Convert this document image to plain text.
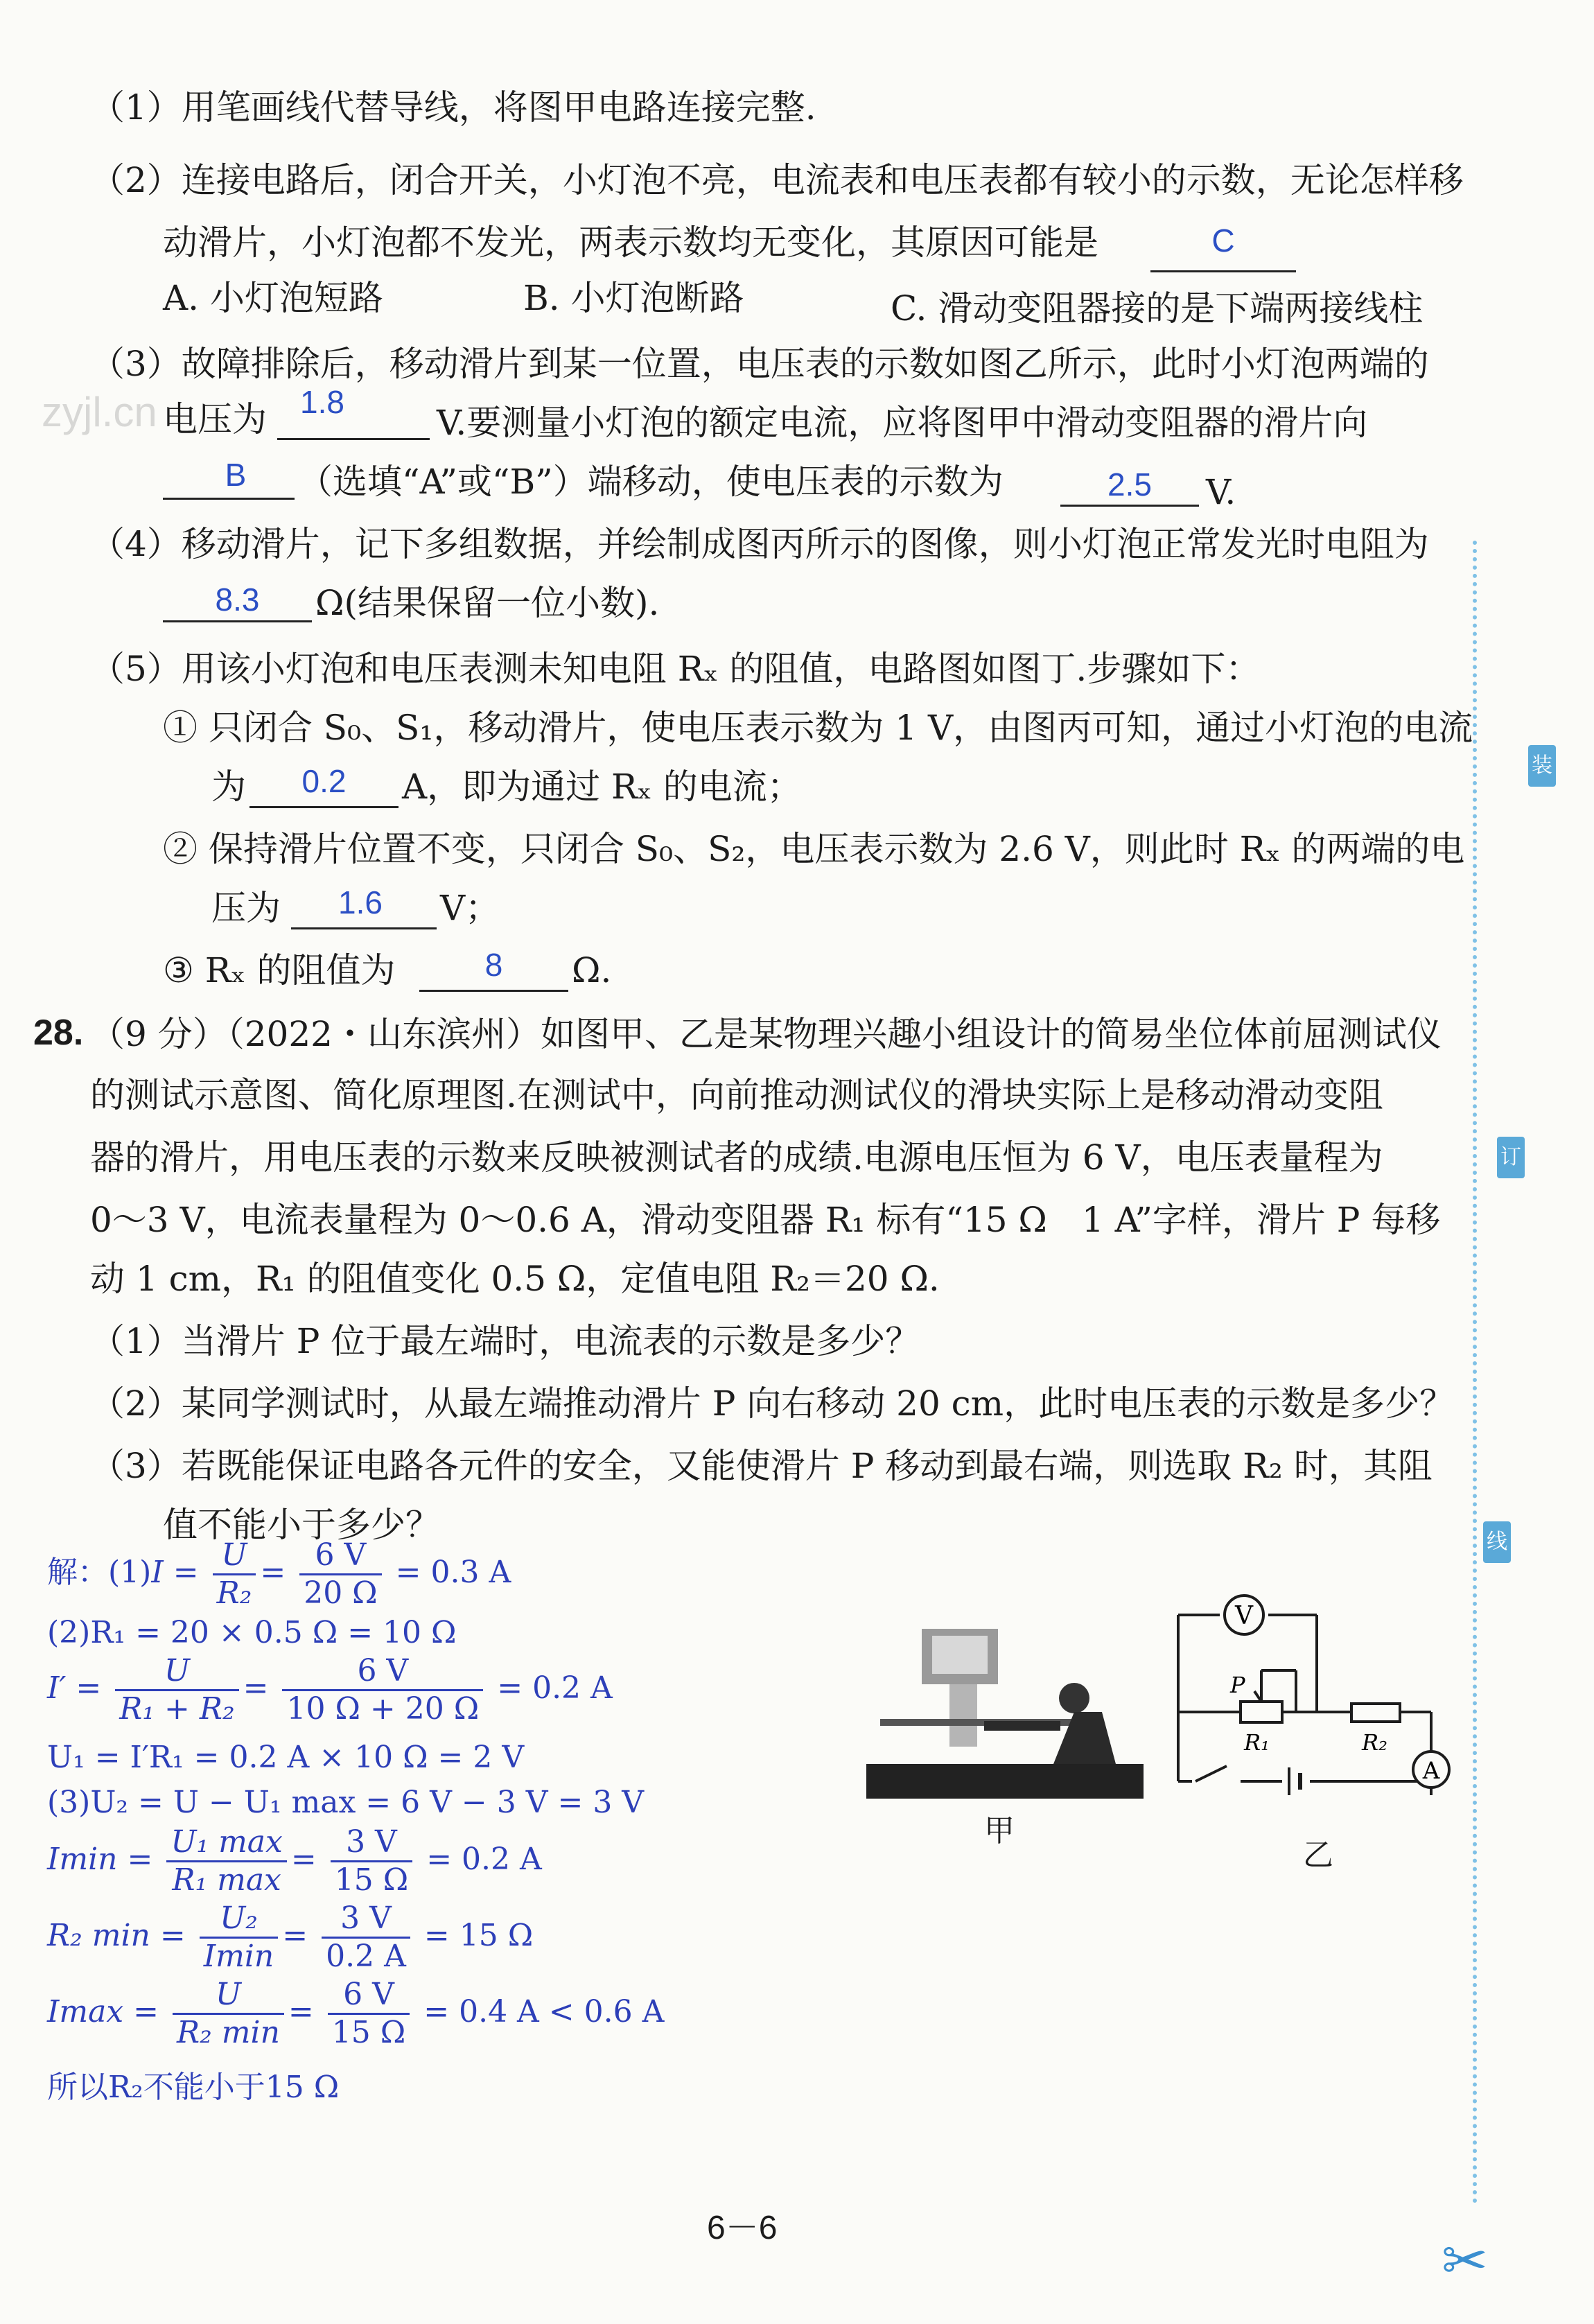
zyjl.cn
（1）用笔画线代替导线，将图甲电路连接完整.
（2）连接电路后，闭合开关，小灯泡不亮，电流表和电压表都有较小的示数，无论怎样移
动滑片，小灯泡都不发光，两表示数均无变化，其原因可能是	C
A. 小灯泡短路	B. 小灯泡断路	C. 滑动变阻器接的是下端两接线柱
（3）故障排除后，移动滑片到某一位置，电压表的示数如图乙所示，此时小灯泡两端的
电压为	1.8
V.要测量小灯泡的额定电流，应将图甲中滑动变阻器的滑片向
B	（选填“A”或“B”）端移动，使电压表的示数为	2.5	V.
（4）移动滑片，记下多组数据，并绘制成图丙所示的图像，则小灯泡正常发光时电阻为
8.3	Ω(结果保留一位小数).
（5）用该小灯泡和电压表测未知电阻 Rₓ 的阻值，电路图如图丁.步骤如下：
① 只闭合 S₀、S₁，移动滑片，使电压表示数为 1 V，由图丙可知，通过小灯泡的电流
为	0.2	A，即为通过 Rₓ 的电流；
② 保持滑片位置不变，只闭合 S₀、S₂，电压表示数为 2.6 V，则此时 Rₓ 的两端的电
压为	1.6	V；
③ Rₓ 的阻值为	8	Ω.
28. （9 分）（2022・山东滨州）如图甲、乙是某物理兴趣小组设计的简易坐位体前屈测试仪
的测试示意图、简化原理图.在测试中，向前推动测试仪的滑块实际上是移动滑动变阻
器的滑片，用电压表的示数来反映被测试者的成绩.电源电压恒为 6 V，电压表量程为
0～3 V，电流表量程为 0～0.6 A，滑动变阻器 R₁ 标有“15 Ω　1 A”字样，滑片 P 每移
动 1 cm，R₁ 的阻值变化 0.5 Ω，定值电阻 R₂＝20 Ω.
（1）当滑片 P 位于最左端时，电流表的示数是多少？
（2）某同学测试时，从最左端推动滑片 P 向右移动 20 cm，此时电压表的示数是多少？
（3）若既能保证电路各元件的安全，又能使滑片 P 移动到最右端，则选取 R₂ 时，其阻
值不能小于多少？
解：$(1)I = \frac{U}{\text{R₂}} = \frac{6 V}{20 \Omega} = 0.3$ A
(2)R₁ = 20 × 0.5 Ω = 10 Ω
$I' = \frac{U}{\text{R₁ + R₂}} = \frac{6 V}{10 \Omega + 20 \Omega} = 0.2$ A
U₁ = I′R₁ = 0.2 A × 10 Ω = 2 V
(3)U₂ = U − U₁ max = 6 V − 3 V = 3 V
$Imin = \frac{\text{U₁ max}}{\text{R₁ max}} = \frac{3 V}{15 \Omega} = 0.2$ A
R₂ $\min = \frac{\text{U₂}}{Imin} = \frac{3 V}{0.2 A} = 15$ Ω
$Imax = \frac{U}{\text{R₂ min}} = \frac{6 V}{15 \Omega} = 0.4$ A < 0.6 A
所以R₂不能小于15 Ω
甲
V
A
P
R₁	R₂
乙
装
订
线
6－6
✂
